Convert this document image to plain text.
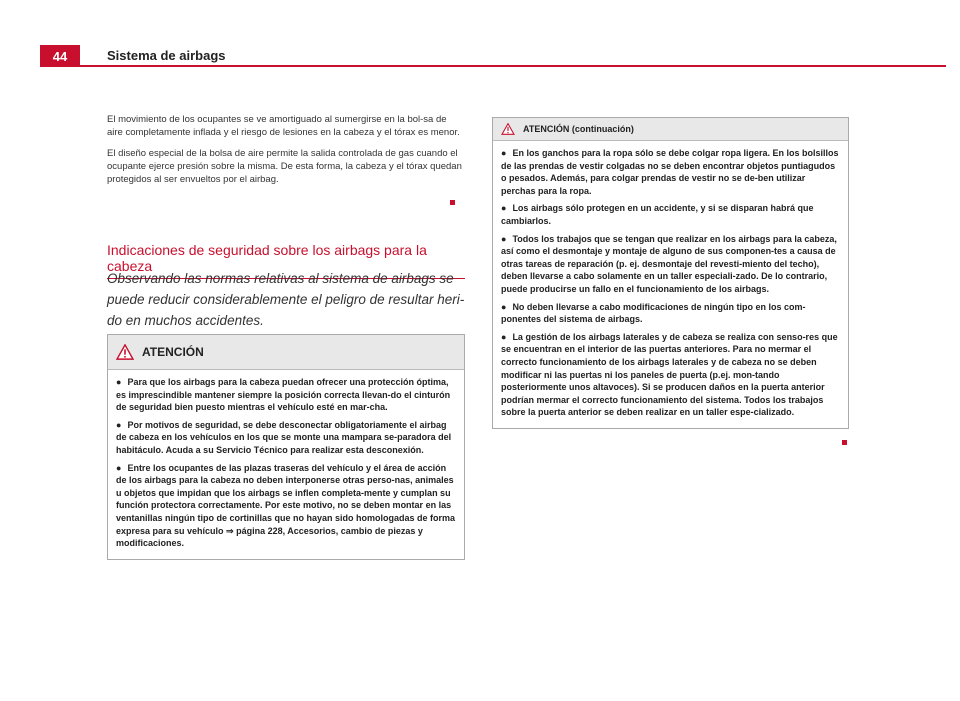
44	Sistema de airbags

El movimiento de los ocupantes se ve amortiguado al sumergirse en la bol-sa de aire completamente inflada y el riesgo de lesiones en la cabeza y el tórax es menor.

El diseño especial de la bolsa de aire permite la salida controlada de gas cuando el ocupante ejerce presión sobre la misma. De esta forma, la cabeza y el tórax quedan protegidos al ser envueltos por el airbag.

Indicaciones de seguridad sobre los airbags para la cabeza
Observando las normas relativas al sistema de airbags se puede reducir considerablemente el peligro de resultar heri-do en muchos accidentes.
ATENCIÓN

● Para que los airbags para la cabeza puedan ofrecer una protección óptima, es imprescindible mantener siempre la posición correcta llevan-do el cinturón de seguridad bien puesto mientras el vehículo esté en mar-cha.

● Por motivos de seguridad, se debe desconectar obligatoriamente el airbag de cabeza en los vehículos en los que se monte una mampara se-paradora del habitáculo. Acuda a su Servicio Técnico para realizar esta desconexión.

● Entre los ocupantes de las plazas traseras del vehículo y el área de acción de los airbags para la cabeza no deben interponerse otras perso-nas, animales u objetos que impidan que los airbags se inflen completa-mente y cumplan su función protectora correctamente. Por este motivo, no se deben montar en las ventanillas ningún tipo de cortinillas que no hayan sido homologadas de forma expresa para su vehículo ⇒ página 228, Accesorios, cambio de piezas y modificaciones.

ATENCIÓN (continuación)

● En los ganchos para la ropa sólo se debe colgar ropa ligera. En los bolsillos de las prendas de vestir colgadas no se deben encontrar objetos puntiagudos o pesados. Además, para colgar prendas de vestir no se de-ben utilizar perchas para la ropa.

● Los airbags sólo protegen en un accidente, y si se disparan habrá que cambiarlos.

● Todos los trabajos que se tengan que realizar en los airbags para la cabeza, así como el desmontaje y montaje de alguno de sus componen-tes a causa de otras tareas de reparación (p. ej. desmontaje del revesti-miento del techo), deben llevarse a cabo solamente en un taller especiali-zado. De lo contrario, puede producirse un fallo en el funcionamiento de los airbags.

● No deben llevarse a cabo modificaciones de ningún tipo en los com-ponentes del sistema de airbags.

● La gestión de los airbags laterales y de cabeza se realiza con senso-res que se encuentran en el interior de las puertas anteriores. Para no mermar el correcto funcionamiento de los airbags laterales y de cabeza no se deben modificar ni las puertas ni los paneles de puerta (p.ej. mon-tando posteriormente unos altavoces). Si se producen daños en la puerta anterior podrían mermar el correcto funcionamiento del sistema. Todos los trabajos sobre la puerta anterior se deben realizar en un taller espe-cializado.
